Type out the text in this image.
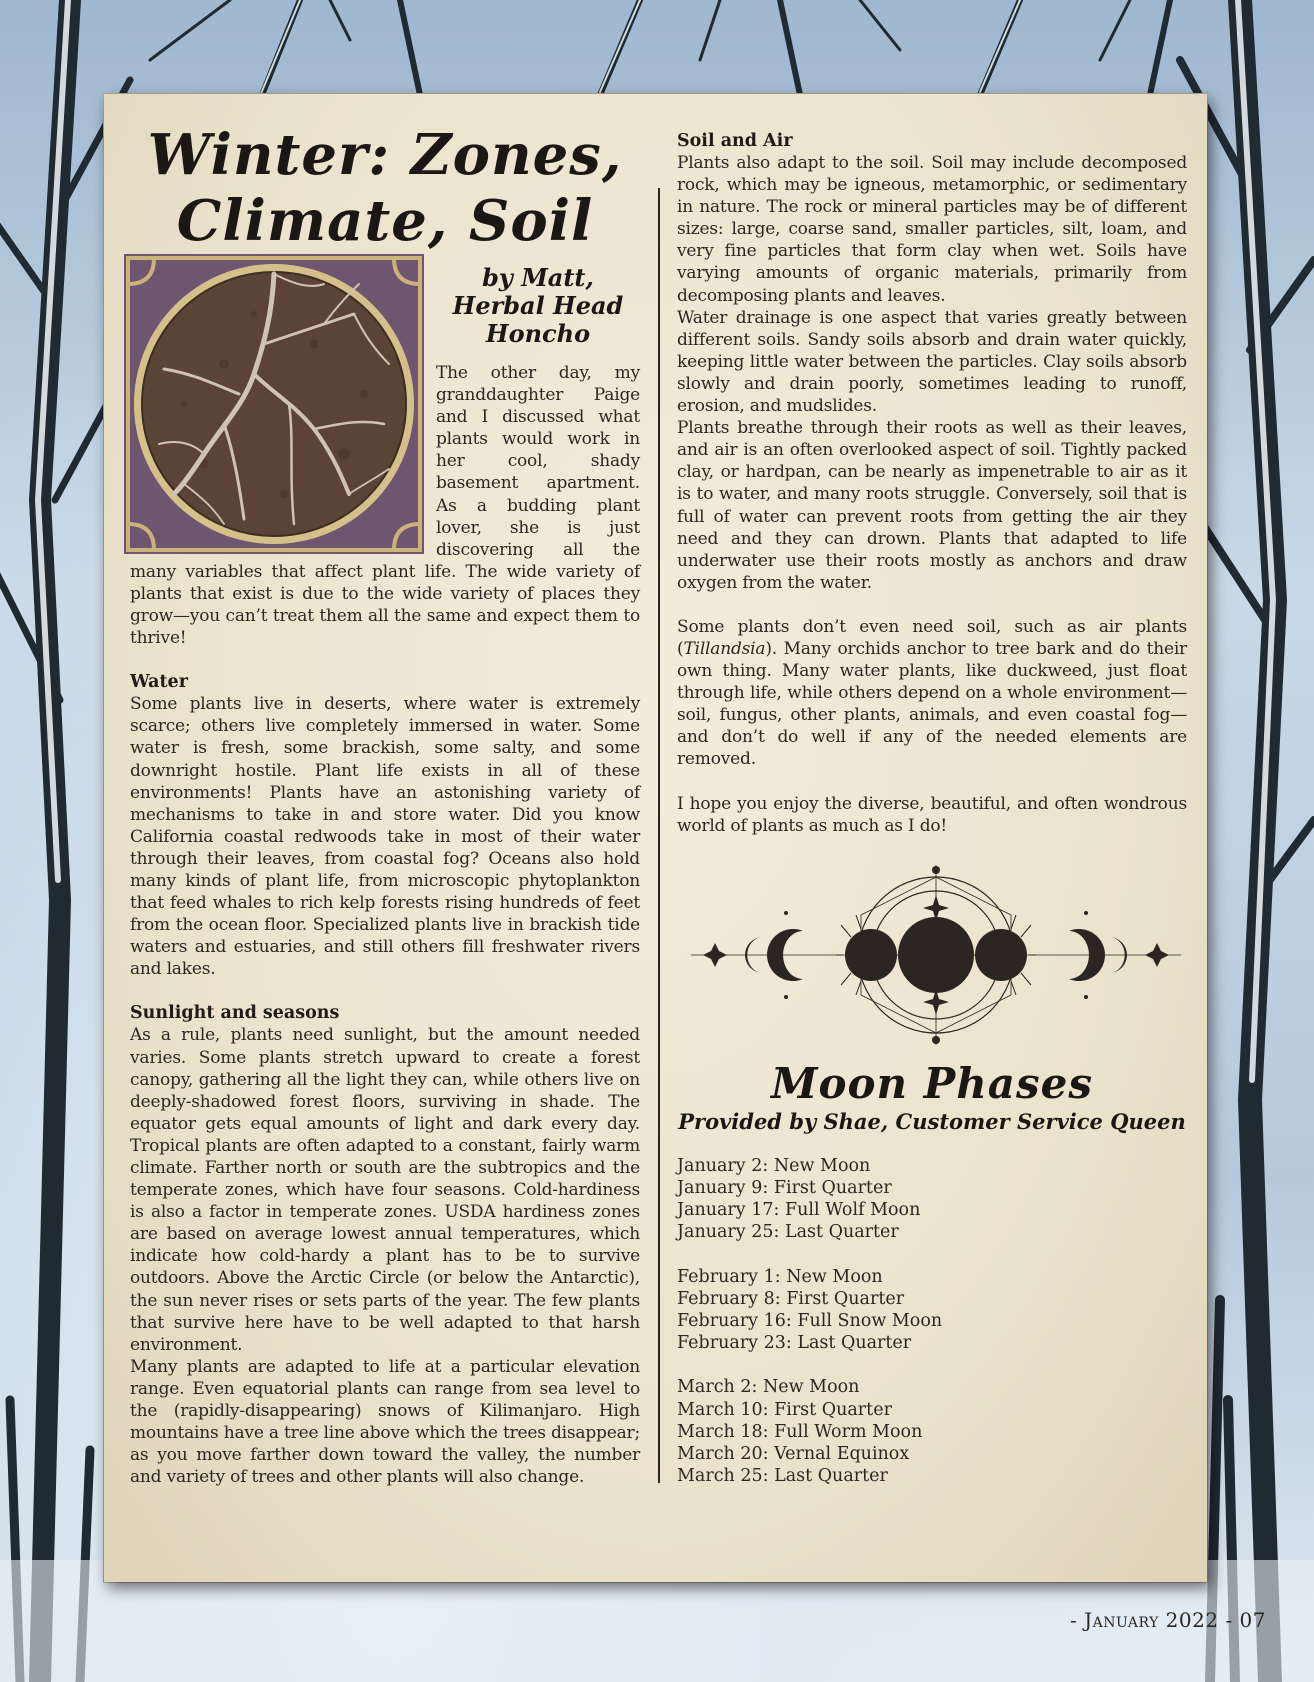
Winter: Zones,
Climate, Soil
by Matt,
Herbal Head
Honcho

The other day, my granddaughter Paige and I discussed what plants would work in her cool, shady basement apartment. As a budding plant lover, she is just discovering all the many variables that affect plant life. The wide variety of plants that exist is due to the wide variety of places they grow—you can’t treat them all the same and expect them to thrive!

Water

Some plants live in deserts, where water is extremely scarce; others live completely immersed in water. Some water is fresh, some brackish, some salty, and some downright hostile. Plant life exists in all of these environments! Plants have an astonishing variety of mechanisms to take in and store water. Did you know California coastal redwoods take in most of their water through their leaves, from coastal fog? Oceans also hold many kinds of plant life, from microscopic phytoplankton that feed whales to rich kelp forests rising hundreds of feet from the ocean floor. Specialized plants live in brackish tide waters and estuaries, and still others fill freshwater rivers and lakes.

Sunlight and seasons

As a rule, plants need sunlight, but the amount needed varies. Some plants stretch upward to create a forest canopy, gathering all the light they can, while others live on deeply-shadowed forest floors, surviving in shade. The equator gets equal amounts of light and dark every day. Tropical plants are often adapted to a constant, fairly warm climate. Farther north or south are the subtropics and the temperate zones, which have four seasons. Cold-hardiness is also a factor in temperate zones. USDA hardiness zones are based on average lowest annual temperatures, which indicate how cold-hardy a plant has to be to survive outdoors. Above the Arctic Circle (or below the Antarctic), the sun never rises or sets parts of the year. The few plants that survive here have to be well adapted to that harsh environment.

Many plants are adapted to life at a particular elevation range. Even equatorial plants can range from sea level to the (rapidly-disappearing) snows of Kilimanjaro. High mountains have a tree line above which the trees disappear; as you move farther down toward the valley, the number and variety of trees and other plants will also change.

Soil and Air

Plants also adapt to the soil. Soil may include decomposed rock, which may be igneous, metamorphic, or sedimentary in nature. The rock or mineral particles may be of different sizes: large, coarse sand, smaller particles, silt, loam, and very fine particles that form clay when wet. Soils have varying amounts of organic materials, primarily from decomposing plants and leaves.

Water drainage is one aspect that varies greatly between different soils. Sandy soils absorb and drain water quickly, keeping little water between the particles. Clay soils absorb slowly and drain poorly, sometimes leading to runoff, erosion, and mudslides.

Plants breathe through their roots as well as their leaves, and air is an often overlooked aspect of soil. Tightly packed clay, or hardpan, can be nearly as impenetrable to air as it is to water, and many roots struggle. Conversely, soil that is full of water can prevent roots from getting the air they need and they can drown. Plants that adapted to life underwater use their roots mostly as anchors and draw oxygen from the water.

Some plants don’t even need soil, such as air plants (Tillandsia). Many orchids anchor to tree bark and do their own thing. Many water plants, like duckweed, just float through life, while others depend on a whole environment—soil, fungus, other plants, animals, and even coastal fog—and don’t do well if any of the needed elements are removed.

I hope you enjoy the diverse, beautiful, and often wondrous world of plants as much as I do!

Moon Phases

Provided by Shae, Customer Service Queen

January 2: New Moon

January 9: First Quarter

January 17: Full Wolf Moon

January 25: Last Quarter

February 1: New Moon

February 8: First Quarter

February 16: Full Snow Moon

February 23: Last Quarter

March 2: New Moon

March 10: First Quarter

March 18: Full Worm Moon

March 20: Vernal Equinox

March 25: Last Quarter

- January 2022 - 07
